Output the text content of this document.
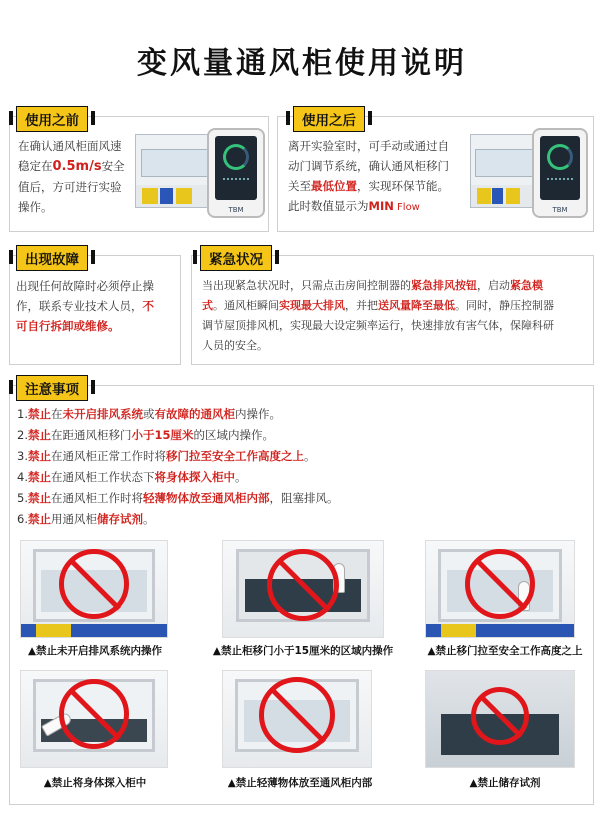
变风量通风柜使用说明
使用之前
在确认通风柜面风速
稳定在0.5m/s安全
值后，方可进行实验
操作。	TBM
使用之后
离开实验室时，可手动或通过自
动门调节系统，确认通风柜移门
关至最低位置，实现环保节能。
此时数值显示为MIN Flow	TBM
出现故障
出现任何故障时必须停止操
作，联系专业技术人员，不
可自行拆卸或维修。
紧急状况
当出现紧急状况时，只需点击房间控制器的紧急排风按钮，启动紧急模
式。通风柜瞬间实现最大排风，并把送风量降至最低。同时，静压控制器
调节屋顶排风机，实现最大设定频率运行，快速排放有害气体，保障科研
人员的安全。
注意事项
1.禁止在未开启排风系统或有故障的通风柜内操作。
2.禁止在距通风柜移门小于15厘米的区域内操作。
3.禁止在通风柜正常工作时将移门拉至安全工作高度之上。
4.禁止在通风柜工作状态下将身体探入柜中。
5.禁止在通风柜工作时将轻薄物体放至通风柜内部，阻塞排风。
6.禁止用通风柜储存试剂。
▲禁止未开启排风系统内操作	▲禁止柜移门小于15厘米的区域内操作	▲禁止移门拉至安全工作高度之上
▲禁止将身体探入柜中	▲禁止轻薄物体放至通风柜内部	▲禁止储存试剂
